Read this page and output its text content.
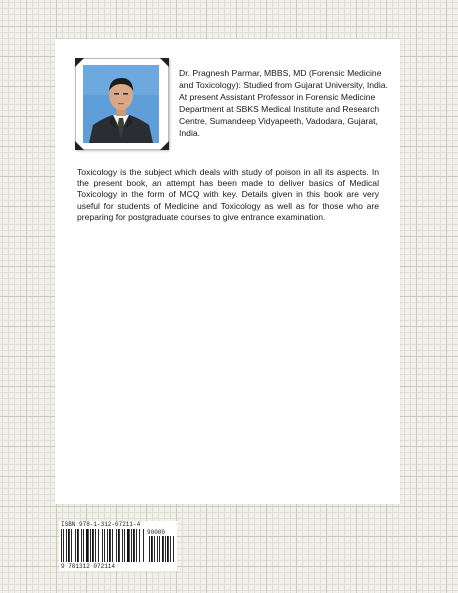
Dr. Pragnesh Parmar, MBBS, MD (Forensic Medicine and Toxicology): Studied from Gujarat University, India. At present Assistant Professor in Forensic Medicine Department at SBKS Medical Institute and Research Centre, Sumandeep Vidyapeeth, Vadodara, Gujarat, India.

Toxicology is the subject which deals with study of poison in all its aspects. In the present book, an attempt has been made to deliver basics of Medical Toxicology in the form of MCQ with key. Details given in this book are very useful for students of Medicine and Toxicology as well as for those who are preparing for postgraduate courses to give entrance examination.

ISBN 978-1-312-07211-4
90000
9 781312 072114
